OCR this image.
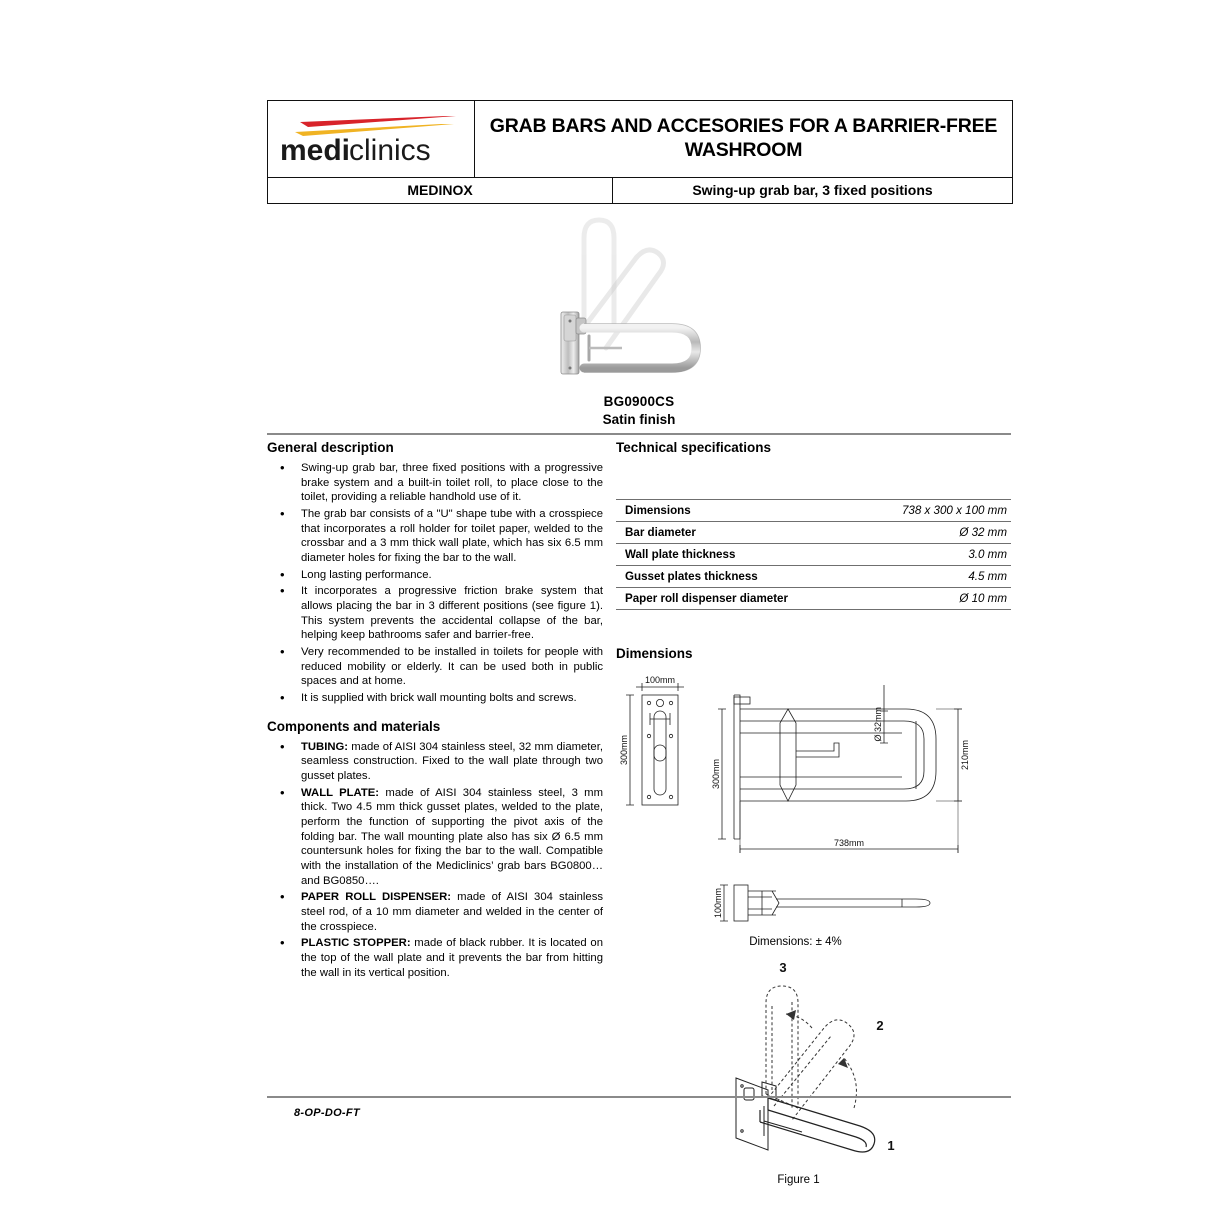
medi
clinics
GRAB BARS AND ACCESORIES FOR A BARRIER-FREE WASHROOM
MEDINOX	Swing-up grab bar, 3 fixed positions
BG0900CS
Satin finish
General description
• Swing-up grab bar, three fixed positions with a progressive brake system and a built-in toilet roll, to place close to the toilet, providing a reliable handhold use of it.
• The grab bar consists of a "U" shape tube with a crosspiece that incorporates a roll holder for toilet paper, welded to the crossbar and a 3 mm thick wall plate, which has six 6.5 mm diameter holes for fixing the bar to the wall.
• Long lasting performance.
• It incorporates a progressive friction brake system that allows placing the bar in 3 different positions (see figure 1). This system prevents the accidental collapse of the bar, helping keep bathrooms safer and barrier-free.
• Very recommended to be installed in toilets for people with reduced mobility or elderly. It can be used both in public spaces and at home.
• It is supplied with brick wall mounting bolts and screws.
Components and materials
• TUBING: made of AISI 304 stainless steel, 32 mm diameter, seamless construction. Fixed to the wall plate through two gusset plates.
• WALL PLATE: made of AISI 304 stainless steel, 3 mm thick. Two 4.5 mm thick gusset plates, welded to the plate, perform the function of supporting the pivot axis of the folding bar. The wall mounting plate also has six Ø 6.5 mm countersunk holes for fixing the bar to the wall. Compatible with the installation of the Mediclinics’ grab bars BG0800… and BG0850….
• PAPER ROLL DISPENSER: made of AISI 304 stainless steel rod, of a 10 mm diameter and welded in the center of the crosspiece.
• PLASTIC STOPPER: made of black rubber. It is located on the top of the wall plate and it prevents the bar from hitting the wall in its vertical position.
Technical specifications
Dimensions	738 x 300 x 100 mm
Bar diameter	Ø 32 mm
Wall plate thickness	3.0 mm
Gusset plates thickness	4.5 mm
Paper roll dispenser diameter	Ø 10 mm
Dimensions
100mm
300mm
300mm
Ø 32mm
210mm
738mm

100mm
Dimensions: ± 4%
3
2
1
Figure 1
8-OP-DO-FT
